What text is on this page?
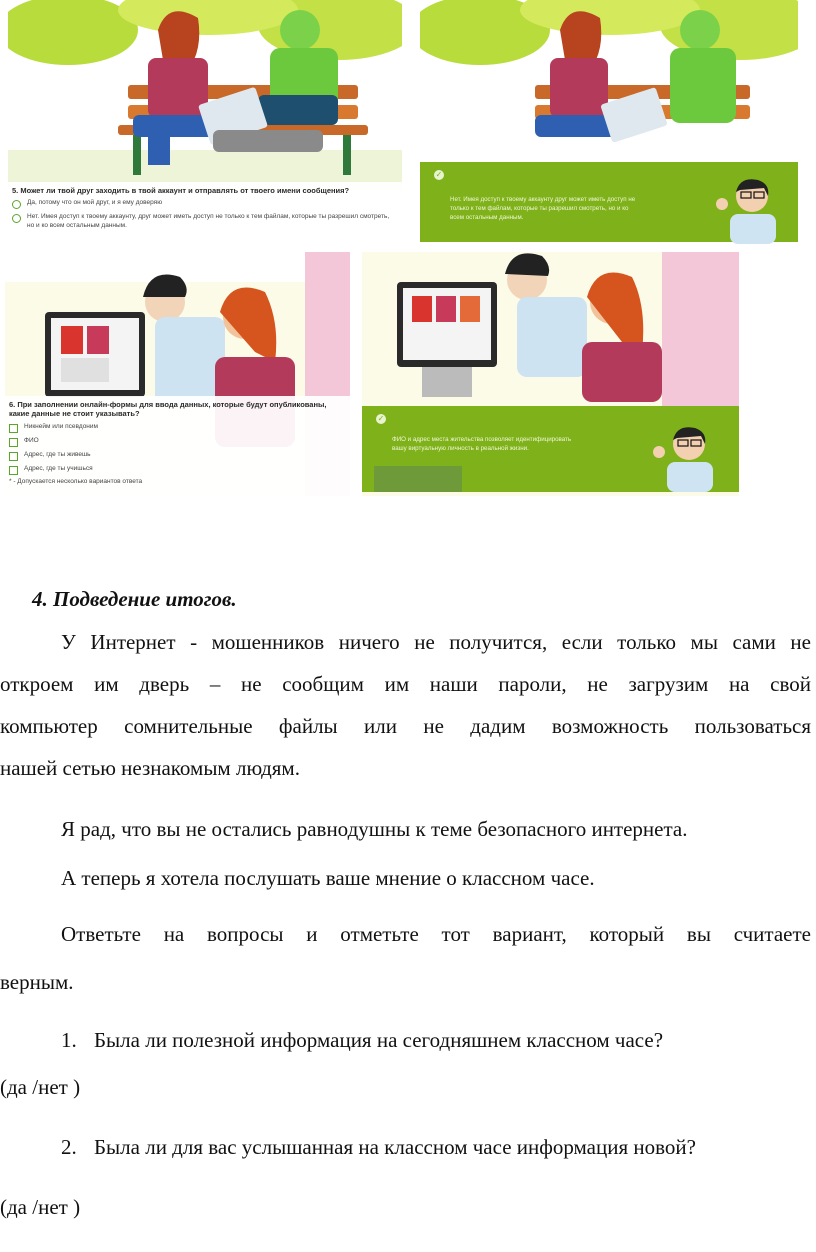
5. Может ли твой друг заходить в твой аккаунт и отправлять от твоего имени сообщения?
Да, потому что он мой друг, и я ему доверяю
Нет. Имея доступ к твоему аккаунту, друг может иметь доступ не только к тем файлам, которые ты разрешил смотреть, но и ко всем остальным данным.
✓
Нет. Имея доступ к твоему аккаунту друг может иметь доступ не
только к тем файлам, которые ты разрешил смотреть, но и ко
всем остальным данным.
6. При заполнении онлайн-формы для ввода данных, которые будут опубликованы, какие данные не стоит указывать?
Никнейм или псевдоним
ФИО
Адрес, где ты живешь
Адрес, где ты учишься
* - Допускается несколько вариантов ответа
✓
ФИО и адрес места жительства позволяет идентифицировать
вашу виртуальную личность в реальной жизни.
4. Подведение итогов.
У Интернет - мошенников ничего не получится, если только мы сами не
откроем им дверь – не сообщим им наши пароли, не загрузим на свой
компьютер сомнительные файлы или не дадим возможность пользоваться
нашей сетью незнакомым людям.
Я рад, что вы не остались равнодушны к теме безопасного интернета.
А теперь я хотела послушать ваше мнение о классном часе.
Ответьте на вопросы и отметьте тот вариант, который вы считаете
верным.
1. Была ли полезной информация на сегодняшнем классном часе?
(да /нет )
2. Была ли для вас услышанная на классном часе информация новой?
(да /нет )
